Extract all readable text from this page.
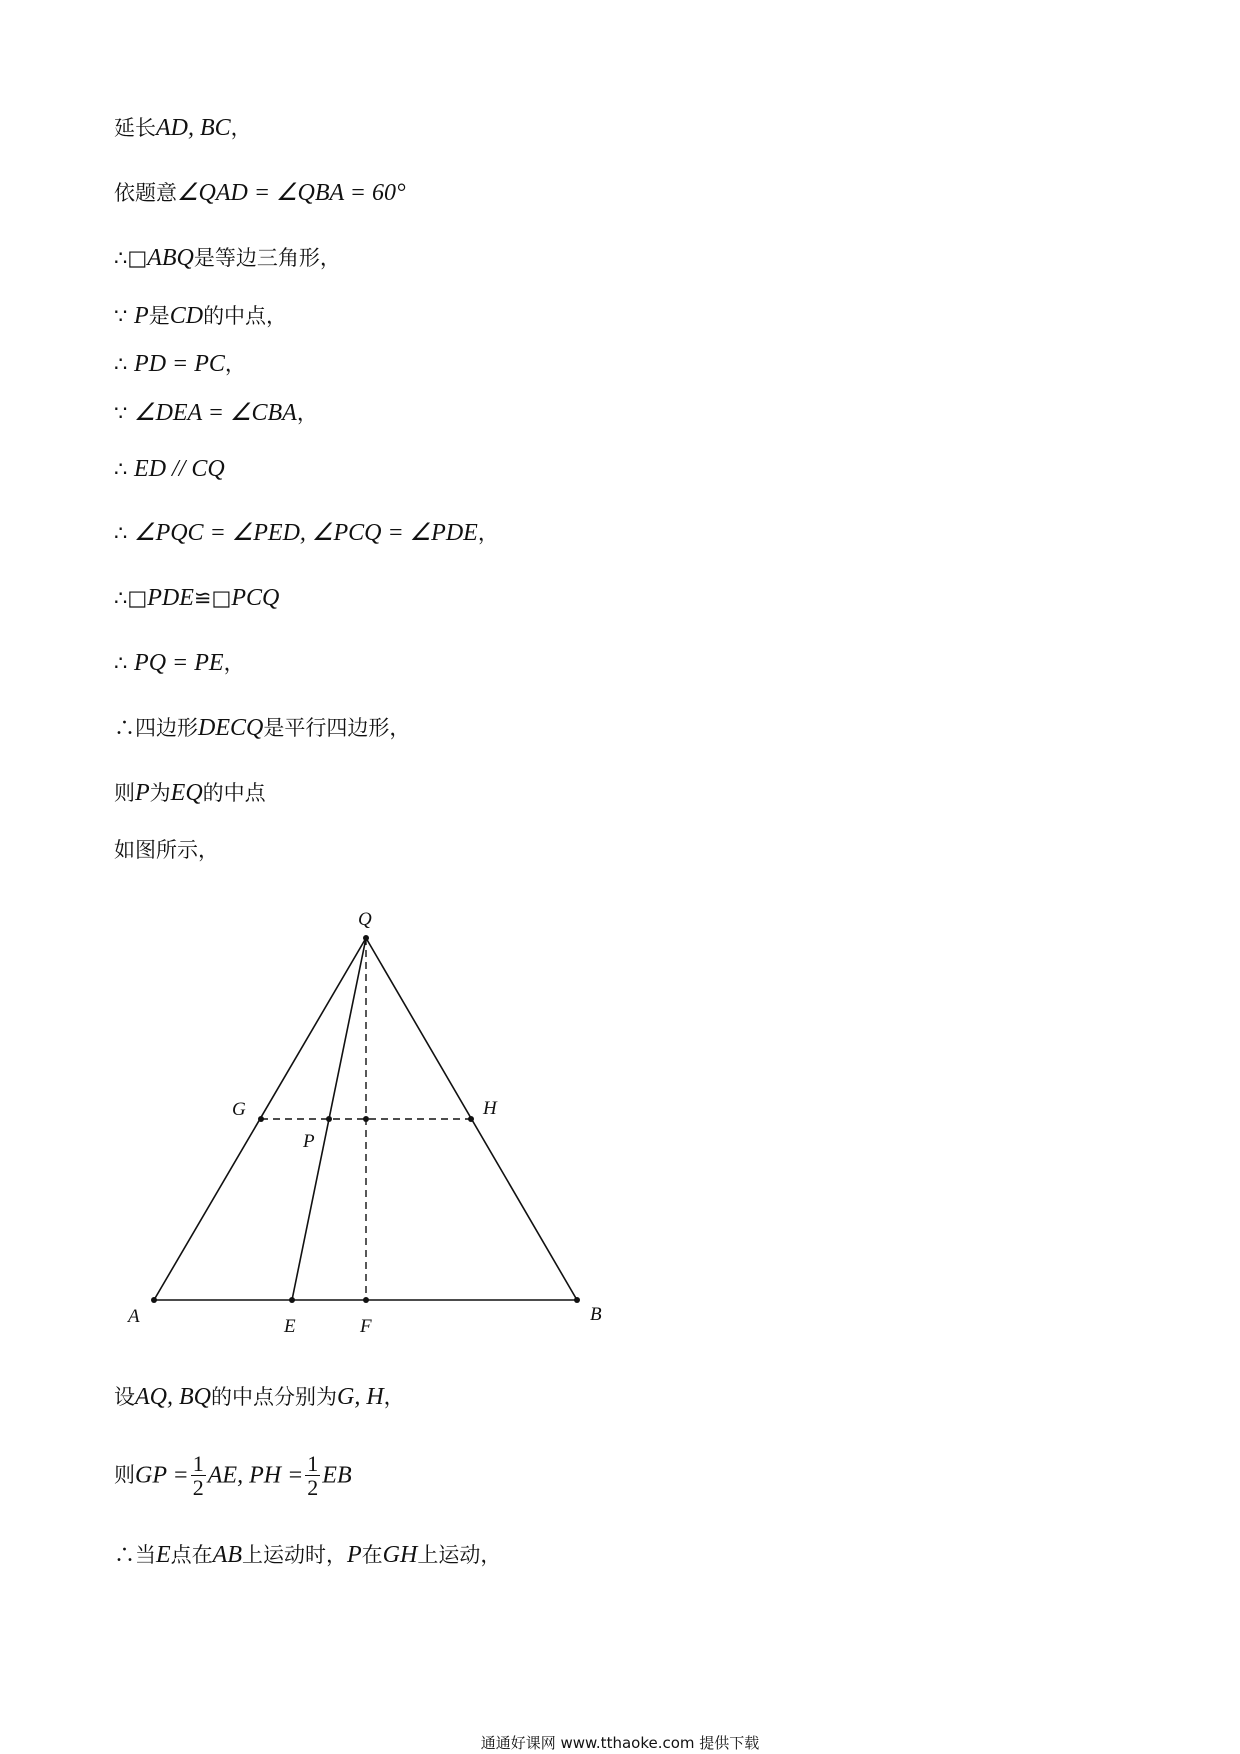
延长AD, BC，
依题意∠QAD = ∠QBA = 60°
∴□ABQ是等边三角形，
∵ P是CD的中点，
∴ PD = PC，
∵ ∠DEA = ∠CBA，
∴ ED // CQ
∴ ∠PQC = ∠PED, ∠PCQ = ∠PDE，
∴□PDE≌□PCQ
∴ PQ = PE，
∴四边形DECQ是平行四边形，
则P为EQ的中点
如图所示，
Q
G	H
P
A	E	F
B
设AQ, BQ的中点分别为G, H，
则GP = $\frac{1}{2}$ AE, PH = $\frac{1}{2}$ EB
∴当E点在AB上运动时，P在GH上运动，
通通好课网 www.tthaoke.com 提供下载
